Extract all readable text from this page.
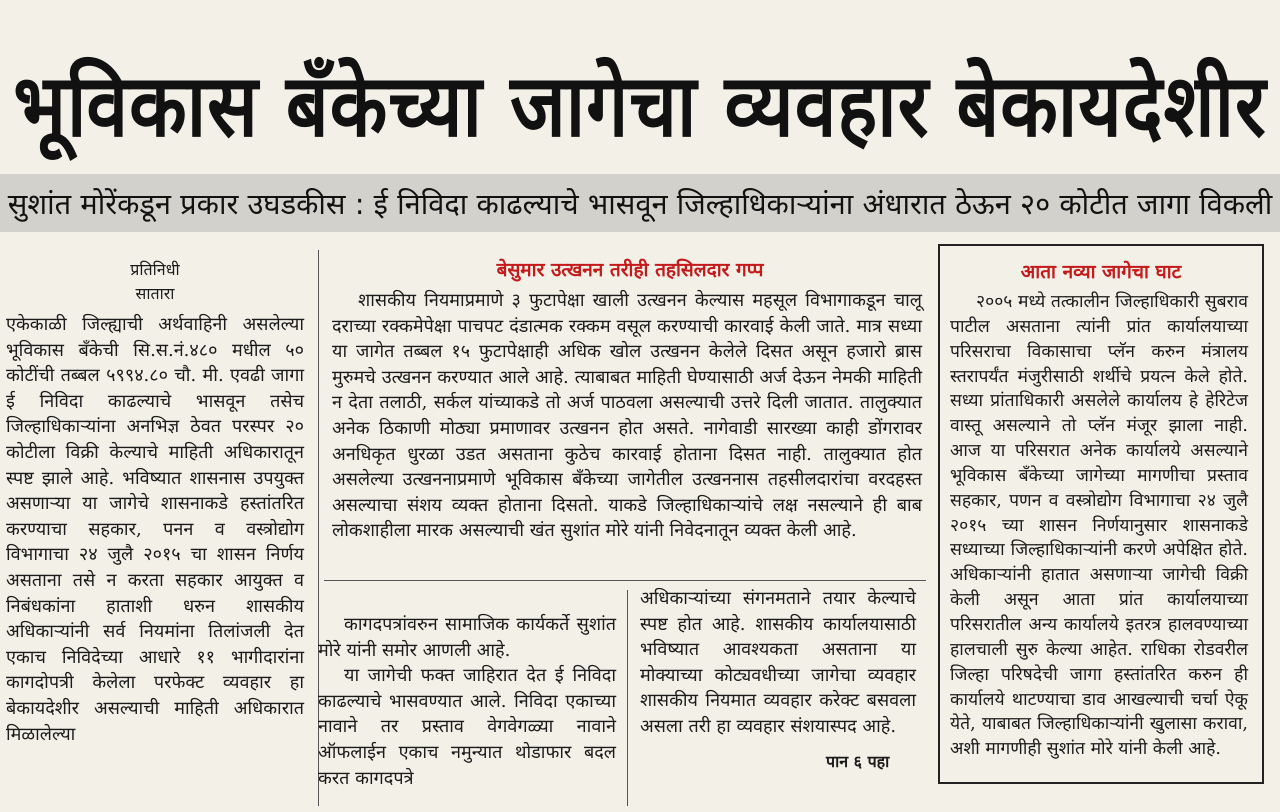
भूविकास बँकेच्या जागेचा व्यवहार बेकायदेशीर
सुशांत मोरेंकडून प्रकार उघडकीस : ई निविदा काढल्याचे भासवून जिल्हाधिकाऱ्यांना अंधारात ठेऊन २० कोटीत जागा विकली
प्रतिनिधी
सातारा

एकेकाळी जिल्ह्याची अर्थवाहिनी असलेल्या भूविकास बँकेची सि.स.नं.४८० मधील ५० कोटींची तब्बल ५९९४.८० चौ. मी. एवढी जागा ई निविदा काढल्याचे भासवून तसेच जिल्हाधिकाऱ्यांना अनभिज्ञ ठेवत परस्पर २० कोटीला विक्री केल्याचे माहिती अधिकारातून स्पष्ट झाले आहे. भविष्यात शासनास उपयुक्त असणाऱ्या या जागेचे शासनाकडे हस्तांतरित करण्याचा सहकार, पनन व वस्त्रोद्योग विभागाचा २४ जुलै २०१५ चा शासन निर्णय असताना तसे न करता सहकार आयुक्त व निबंधकांना हाताशी धरुन शासकीय अधिकाऱ्यांनी सर्व नियमांना तिलांजली देत एकाच निविदेच्या आधारे ११ भागीदारांना कागदोपत्री केलेला परफेक्ट व्यवहार हा बेकायदेशीर असल्याची माहिती अधिकारात मिळालेल्या

बेसुमार उत्खनन तरीही तहसिलदार गप्प

शासकीय नियमाप्रमाणे ३ फुटापेक्षा खाली उत्खनन केल्यास महसूल विभागाकडून चालू दराच्या रक्कमेपेक्षा पाचपट दंडात्मक रक्कम वसूल करण्याची कारवाई केली जाते. मात्र सध्या या जागेत तब्बल १५ फुटापेक्षाही अधिक खोल उत्खनन केलेले दिसत असून हजारो ब्रास मुरुमचे उत्खनन करण्यात आले आहे. त्याबाबत माहिती घेण्यासाठी अर्ज देऊन नेमकी माहिती न देता तलाठी, सर्कल यांच्याकडे तो अर्ज पाठवला असल्याची उत्तरे दिली जातात. तालुक्यात अनेक ठिकाणी मोठ्या प्रमाणावर उत्खनन होत असते. नागेवाडी सारख्या काही डोंगरावर अनधिकृत धुरळा उडत असताना कुठेच कारवाई होताना दिसत नाही. तालुक्यात होत असलेल्या उत्खननाप्रमाणे भूविकास बँकेच्या जागेतील उत्खननास तहसीलदारांचा वरदहस्त असल्याचा संशय व्यक्त होताना दिसतो. याकडे जिल्हाधिकाऱ्यांचे लक्ष नसल्याने ही बाब लोकशाहीला मारक असल्याची खंत सुशांत मोरे यांनी निवेदनातून व्यक्त केली आहे.

कागदपत्रांवरुन सामाजिक कार्यकर्ते सुशांत मोरे यांनी समोर आणली आहे.

या जागेची फक्त जाहिरात देत ई निविदा काढल्याचे भासवण्यात आले. निविदा एकाच्या नावाने तर प्रस्ताव वेगवेगळ्या नावाने ऑफलाईन एकाच नमुन्यात थोडाफार बदल करत कागदपत्रे

अधिकाऱ्यांच्या संगनमताने तयार केल्याचे स्पष्ट होत आहे. शासकीय कार्यालयासाठी भविष्यात आवश्यकता असताना या मोक्याच्या कोट्यवधीच्या जागेचा व्यवहार शासकीय नियमात व्यवहार करेक्ट बसवला असला तरी हा व्यवहार संशयास्पद आहे.

पान ६ पहा
आता नव्या जागेचा घाट

२००५ मध्ये तत्कालीन जिल्हाधिकारी सुबराव पाटील असताना त्यांनी प्रांत कार्यालयाच्या परिसराचा विकासाचा प्लॅन करुन मंत्रालय स्तरापर्यंत मंजुरीसाठी शर्थीचे प्रयत्न केले होते. सध्या प्रांताधिकारी असलेले कार्यालय हे हेरिटेज वास्तू असल्याने तो प्लॅन मंजूर झाला नाही. आज या परिसरात अनेक कार्यालये असल्याने भूविकास बँकेच्या जागेच्या मागणीचा प्रस्ताव सहकार, पणन व वस्त्रोद्योग विभागाचा २४ जुलै २०१५ च्या शासन निर्णयानुसार शासनाकडे सध्याच्या जिल्हाधिकाऱ्यांनी करणे अपेक्षित होते. अधिकाऱ्यांनी हातात असणाऱ्या जागेची विक्री केली असून आता प्रांत कार्यालयाच्या परिसरातील अन्य कार्यालये इतरत्र हालवण्याच्या हालचाली सुरु केल्या आहेत. राधिका रोडवरील जिल्हा परिषदेची जागा हस्तांतरित करुन ही कार्यालये थाटण्याचा डाव आखल्याची चर्चा ऐकू येते, याबाबत जिल्हाधिकाऱ्यांनी खुलासा करावा, अशी मागणीही सुशांत मोरे यांनी केली आहे.
